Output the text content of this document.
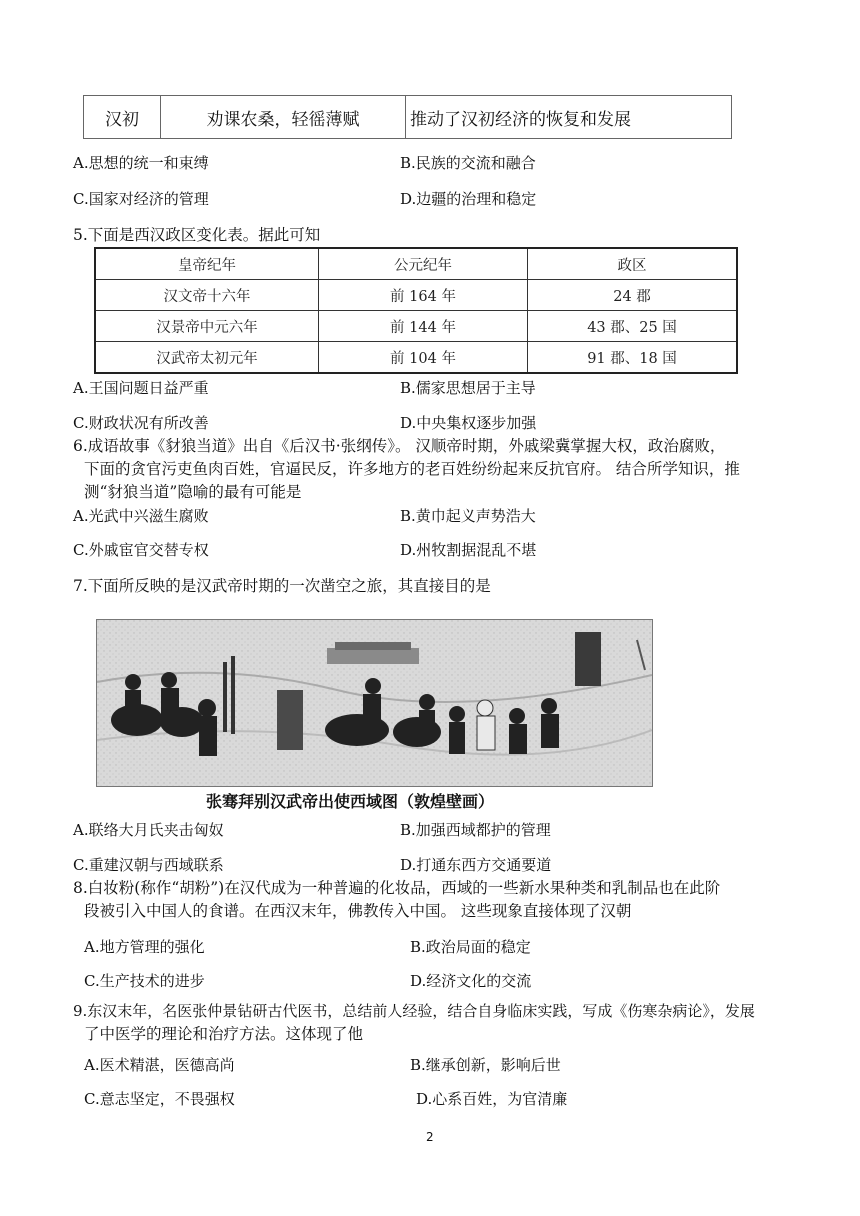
汉初	劝课农桑，轻徭薄赋	推动了汉初经济的恢复和发展
A.思想的统一和束缚	B.民族的交流和融合
C.国家对经济的管理	D.边疆的治理和稳定
5.下面是西汉政区变化表。据此可知
皇帝纪年	公元纪年	政区
汉文帝十六年	前 164 年	24 郡
汉景帝中元六年	前 144 年	43 郡、25 国
汉武帝太初元年	前 104 年	91 郡、18 国
A.王国问题日益严重	B.儒家思想居于主导
C.财政状况有所改善	D.中央集权逐步加强
6.成语故事《豺狼当道》出自《后汉书·张纲传》。 汉顺帝时期，外戚梁冀掌握大权，政治腐败，
下面的贪官污吏鱼肉百姓，官逼民反，许多地方的老百姓纷纷起来反抗官府。 结合所学知识，推
测“豺狼当道”隐喻的最有可能是
A.光武中兴滋生腐败	B.黄巾起义声势浩大
C.外戚宦官交替专权	D.州牧割据混乱不堪
7.下面所反映的是汉武帝时期的一次凿空之旅，其直接目的是
张骞拜别汉武帝出使西域图（敦煌壁画）
A.联络大月氏夹击匈奴	B.加强西域都护的管理
C.重建汉朝与西域联系	D.打通东西方交通要道
8.白妆粉(称作“胡粉”)在汉代成为一种普遍的化妆品，西域的一些新水果种类和乳制品也在此阶
段被引入中国人的食谱。在西汉末年，佛教传入中国。 这些现象直接体现了汉朝
A.地方管理的强化	B.政治局面的稳定
C.生产技术的进步	D.经济文化的交流
9.东汉末年，名医张仲景钻研古代医书，总结前人经验，结合自身临床实践，写成《伤寒杂病论》，发展
了中医学的理论和治疗方法。这体现了他
A.医术精湛，医德高尚	B.继承创新，影响后世
C.意志坚定，不畏强权	D.心系百姓，为官清廉
2
